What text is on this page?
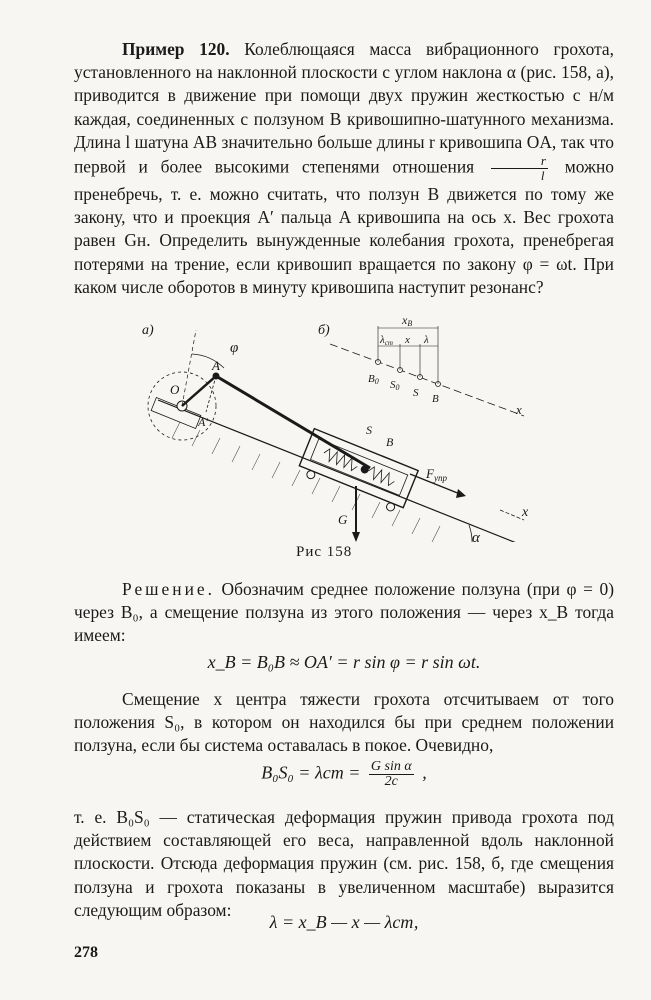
Пример 120. Колеблющаяся масса вибрационного грохота, установленного на наклонной плоскости с углом наклона α (рис. 158, а), приводится в движение при помощи двух пружин жесткостью c н/м каждая, соединенных с ползуном B кривошипно-шатунного механизма. Длина l шатуна AB значительно больше длины r кривошипа OA, так что первой и более высокими степенями отношения $\frac{r}{l}$ можно пренебречь, т. е. можно считать, что ползун B движется по тому же закону, что и проекция A′ пальца A кривошипа на ось x. Вес грохота равен Gн. Определить вынужденные колебания грохота, пренебрегая потерями на трение, если кривошип вращается по закону φ = ωt. При каком числе оборотов в минуту кривошипа наступит резонанс?
а)
α
O
A
A′
φ
S
B
G
$F_{упр}$
x
б)
x
B0 S0 S B
xB
λст x λ
Рис 158
Решение. Обозначим среднее положение ползуна (при φ = 0) через B₀, а смещение ползуна из этого положения — через x_B тогда имеем:
x_B = B₀B ≈ OA′ = r sin φ = r sin ωt.
Смещение x центра тяжести грохота отсчитываем от того положения S₀, в котором он находился бы при среднем положении ползуна, если бы система оставалась в покое. Очевидно,
$B_0S_0 = \lambda ст = \frac{\text{G sin α}}{2c}$ ,
т. е. B₀S₀ — статическая деформация пружин привода грохота под действием составляющей его веса, направленной вдоль наклонной плоскости. Отсюда деформация пружин (см. рис. 158, б, где смещения ползуна и грохота показаны в увеличенном масштабе) выразится следующим образом:
λ = x_B — x — λст,
278
